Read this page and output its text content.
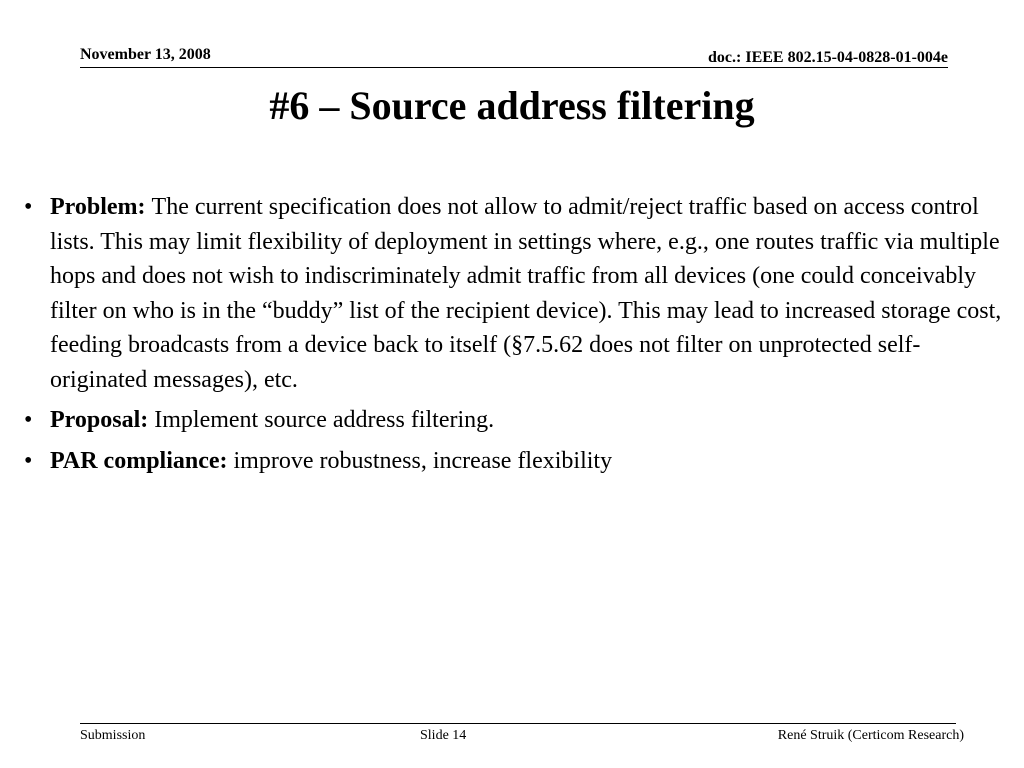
November 13, 2008	doc.: IEEE 802.15-04-0828-01-004e
#6 – Source address filtering
• Problem: The current specification does not allow to admit/reject traffic based on access control lists. This may limit flexibility of deployment in settings where, e.g., one routes traffic via multiple hops and does not wish to indiscriminately admit traffic from all devices (one could conceivably filter on who is in the “buddy” list of the recipient device). This may lead to increased storage cost, feeding broadcasts from a device back to itself (§7.5.62 does not filter on unprotected self-originated messages), etc.
• Proposal: Implement source address filtering.
• PAR compliance: improve robustness, increase flexibility
Submission	Slide 14	René Struik (Certicom Research)
